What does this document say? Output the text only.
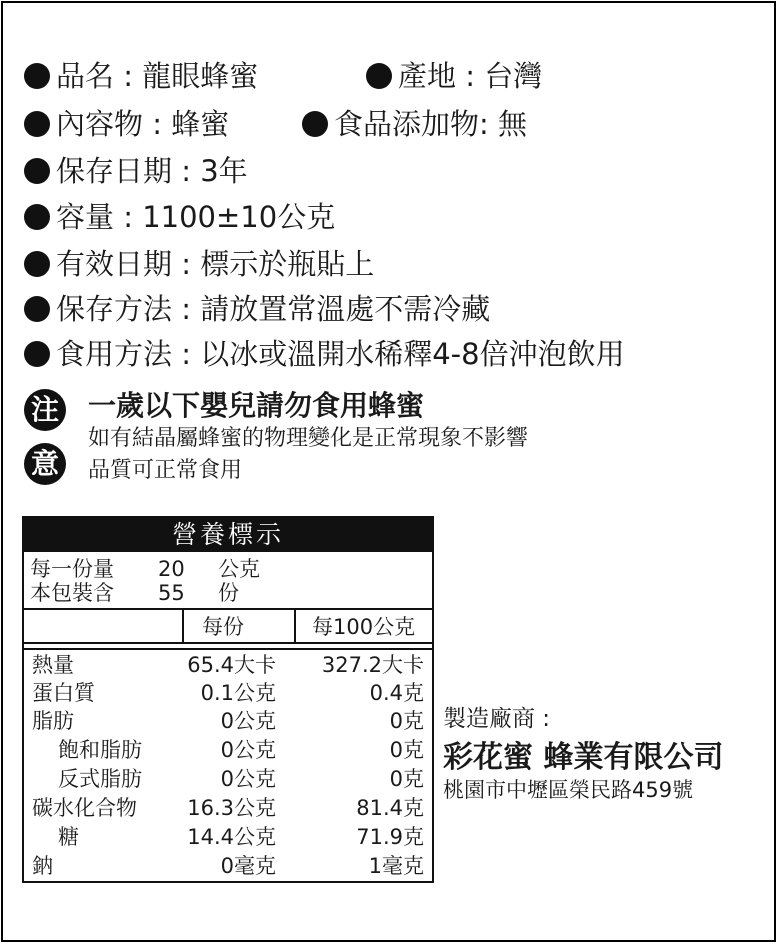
品名 : 龍眼蜂蜜	產地 : 台灣
內容物 : 蜂蜜	食品添加物: 無
保存日期 : 3年
容量 : 1100±10公克
有效日期 : 標示於瓶貼上
保存方法 : 請放置常溫處不需冷藏
食用方法 : 以冰或溫開水稀釋4-8倍沖泡飲用
注
意
一歲以下嬰兒請勿食用蜂蜜
如有結晶屬蜂蜜的物理變化是正常現象不影響
品質可正常食用
營養標示
每一份量 20 公克
本包裝含 55 份
每份	每100公克
熱量	65.4大卡 327.2大卡
蛋白質	0.1公克	0.4克
脂肪	0公克	0克
飽和脂肪	0公克	0克
反式脂肪	0公克	0克
碳水化合物 16.3公克	81.4克
糖	14.4公克	71.9克
鈉	0毫克	1毫克
製造廠商 :
彩花蜜 蜂業有限公司
桃園市中壢區榮民路459號
